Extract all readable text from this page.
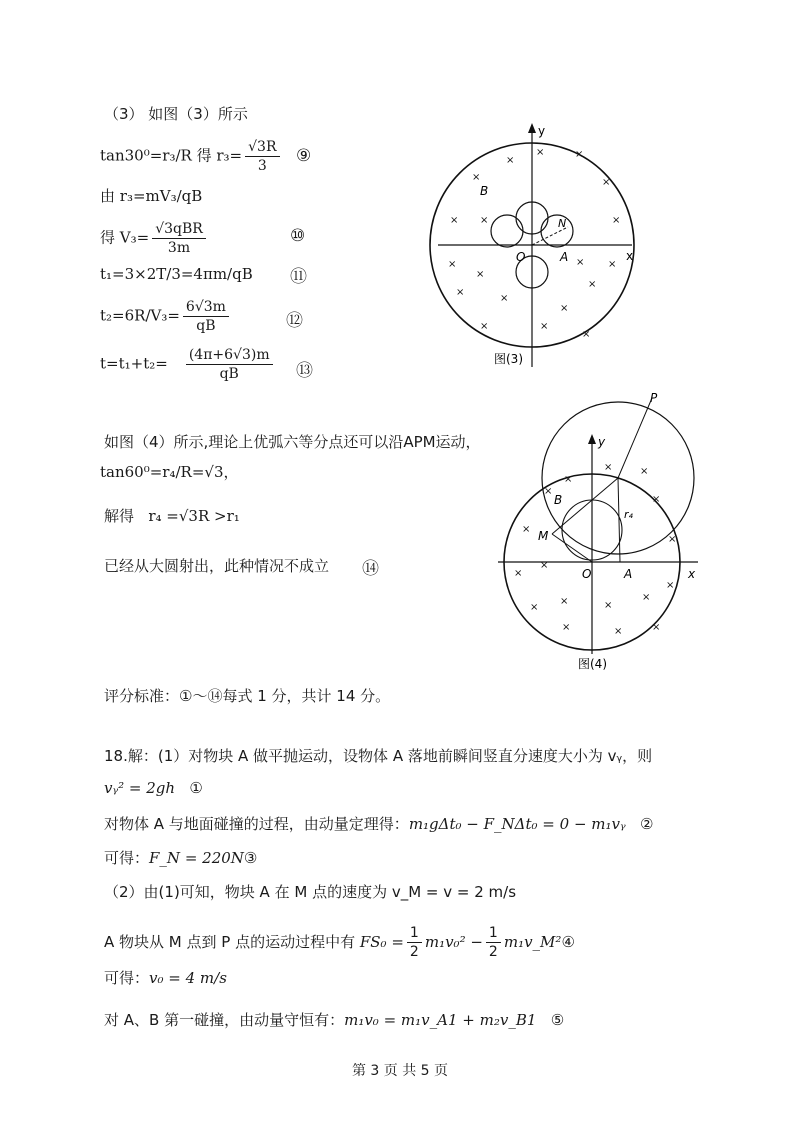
（3） 如图（3）所示
tan30⁰=r₃/R 得 $r_3= \frac{√3R}{3}$ ⑨
由 r₃=mV₃/qB
得 $V_3= \frac{\text{√3qBR}}{3m}$	⑩
t₁=3×2T/3=4πm/qB ⑪
$t_2=6R/V_3= \frac{6√3m}{qB}$	⑫
$t=t_1+t_2= \frac{(4\pi+6√3)m}{qB}$ ⑬
y
x
O	A
B
N
×
×
×
×
×
× ×
×
×
×
×
×
×
×
×
×
×
×
×
图(3)
如图（4）所示,理论上优弧六等分点还可以沿APM运动，
tan60⁰=r₄/R=√3，
解得 r₄ =√3R >r₁
已经从大圆射出，此种情况不成立 ⑭
y
x
P
B
M
O	A
r₄
×
×
×	×
×
×
×
×
×
×
×
×
×
×
×	×
×
图(4)
评分标准：①～⑭每式 1 分，共计 14 分。
18.解：(1）对物块 A 做平抛运动，设物体 A 落地前瞬间竖直分速度大小为 vᵧ，则
vᵧ² = 2gh ①
对物体 A 与地面碰撞的过程，由动量定理得：m₁gΔt₀ − F_NΔt₀ = 0 − m₁vᵧ ②
可得：F_N = 220N③
（2）由(1)可知，物块 A 在 M 点的速度为 v_M = v = 2 m/s
A 物块从 M 点到 P 点的运动过程中有 $FS_0 = \frac{1}{2} m_1v_0^2 - \frac{1}{2}$ m₁v_M²④
可得：v₀ = 4 m/s
对 A、B 第一碰撞，由动量守恒有：m₁v₀ = m₁v_A1 + m₂v_B1 ⑤
第 3 页 共 5 页
